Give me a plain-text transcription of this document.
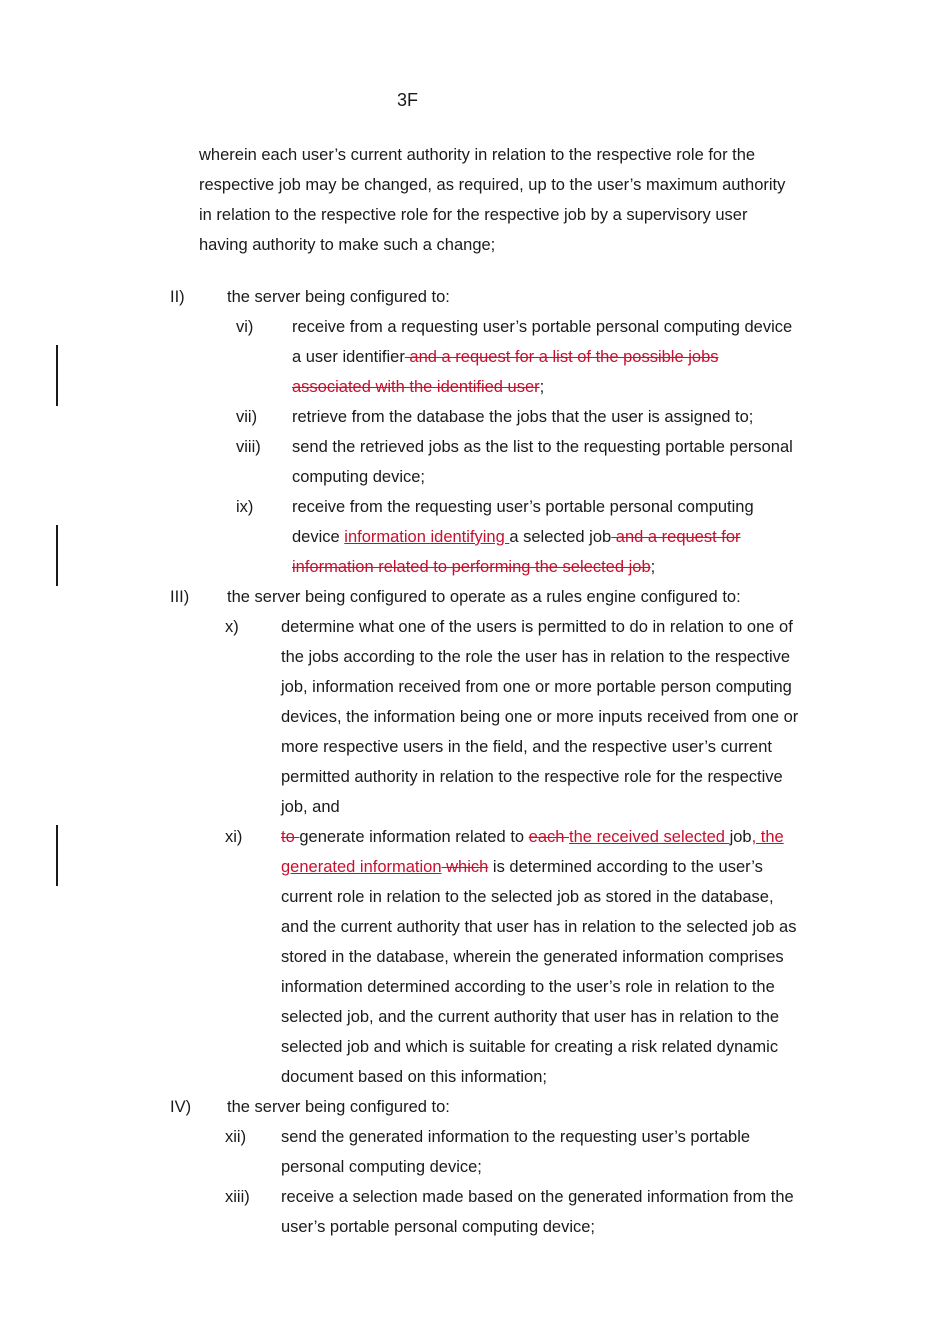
3F
wherein each user’s current authority in relation to the respective role for the
respective job may be changed, as required, up to the user’s maximum authority
in relation to the respective role for the respective job by a supervisory user
having authority to make such a change;
II)	the server being configured to:
vi) receive from a requesting user’s portable personal computing device
a user identifier and a request for a list of the possible jobs
associated with the identified user;
vii) retrieve from the database the jobs that the user is assigned to;
viii) send the retrieved jobs as the list to the requesting portable personal
computing device;
ix) receive from the requesting user’s portable personal computing
device information identifying a selected job and a request for
information related to performing the selected job;
III) the server being configured to operate as a rules engine configured to:
x)	determine what one of the users is permitted to do in relation to one of
the jobs according to the role the user has in relation to the respective
job, information received from one or more portable person computing
devices, the information being one or more inputs received from one or
more respective users in the field, and the respective user’s current
permitted authority in relation to the respective role for the respective
job, and
xi) to generate information related to each the received selected job, the
generated information which is determined according to the user’s
current role in relation to the selected job as stored in the database,
and the current authority that user has in relation to the selected job as
stored in the database, wherein the generated information comprises
information determined according to the user’s role in relation to the
selected job, and the current authority that user has in relation to the
selected job and which is suitable for creating a risk related dynamic
document based on this information;
IV) the server being configured to:
xii) send the generated information to the requesting user’s portable
personal computing device;
xiii) receive a selection made based on the generated information from the
user’s portable personal computing device;
